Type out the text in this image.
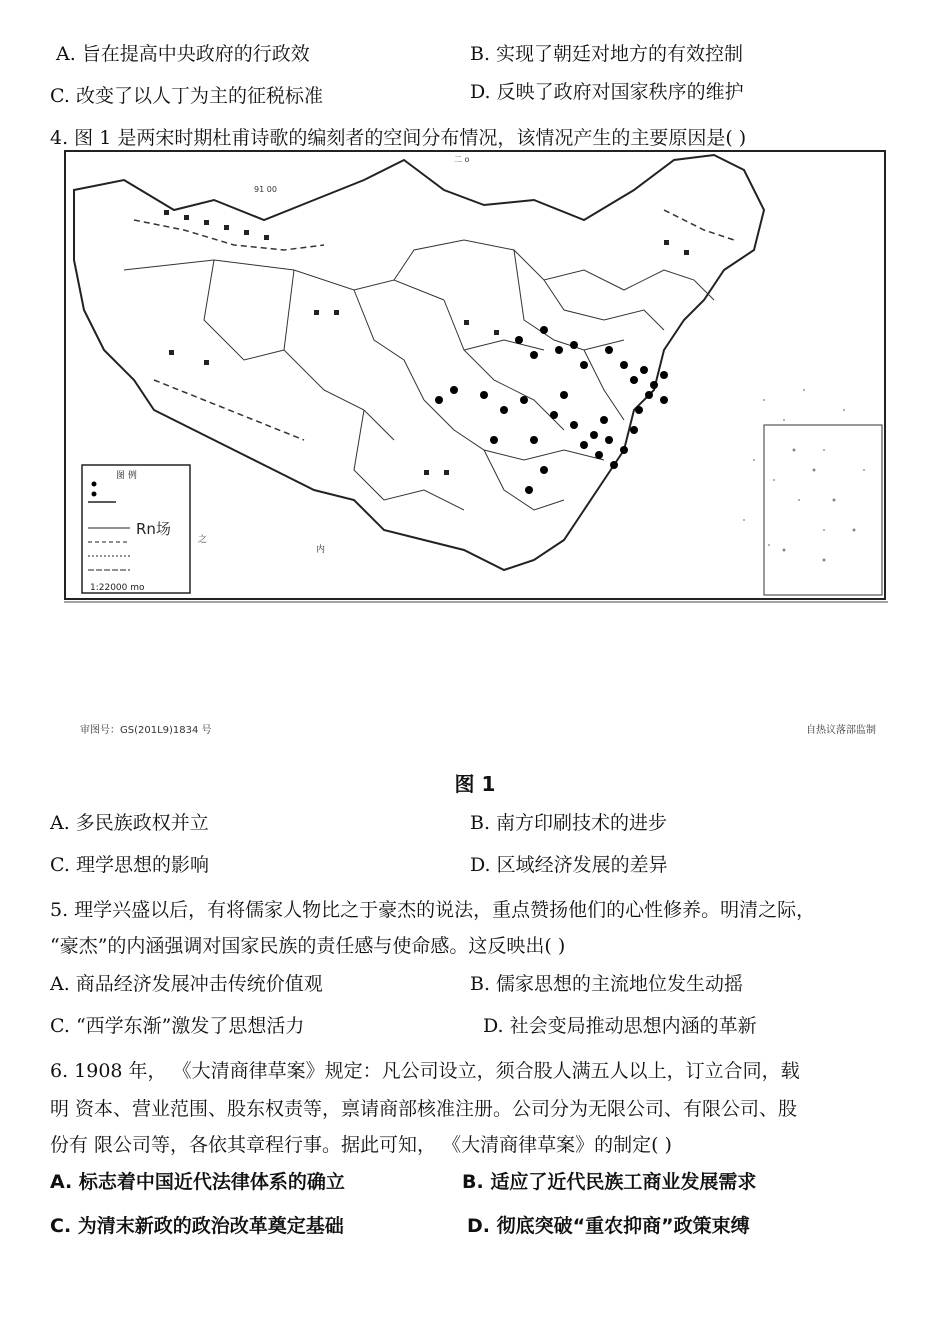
A. 旨在提高中央政府的行政效	B. 实现了朝廷对地方的有效控制
C. 改变了以人丁为主的征税标准	D. 反映了政府对国家秩序的维护
4. 图 1 是两宋时期杜甫诗歌的编刻者的空间分布情况，该情况产生的主要原因是( )
图 例
Rn场
1:22000 mo
二 o
91 00
之
内
审图号：GS(201L9)1834 号	自热议落部监制
图 1
A. 多民族政权并立	B. 南方印刷技术的进步
C. 理学思想的影响	D. 区域经济发展的差异
5. 理学兴盛以后，有将儒家人物比之于豪杰的说法，重点赞扬他们的心性修养。明清之际，
“豪杰”的内涵强调对国家民族的责任感与使命感。这反映出( )
A. 商品经济发展冲击传统价值观	B. 儒家思想的主流地位发生动摇
C. “西学东渐”激发了思想活力	D. 社会变局推动思想内涵的革新
6. 1908 年， 《大清商律草案》规定：凡公司设立，须合股人满五人以上，订立合同，载
明 资本、营业范围、股东权责等，禀请商部核准注册。公司分为无限公司、有限公司、股
份有 限公司等，各依其章程行事。据此可知， 《大清商律草案》的制定( )
A. 标志着中国近代法律体系的确立	B. 适应了近代民族工商业发展需求
C. 为清末新政的政治改革奠定基础	D. 彻底突破“重农抑商”政策束缚
